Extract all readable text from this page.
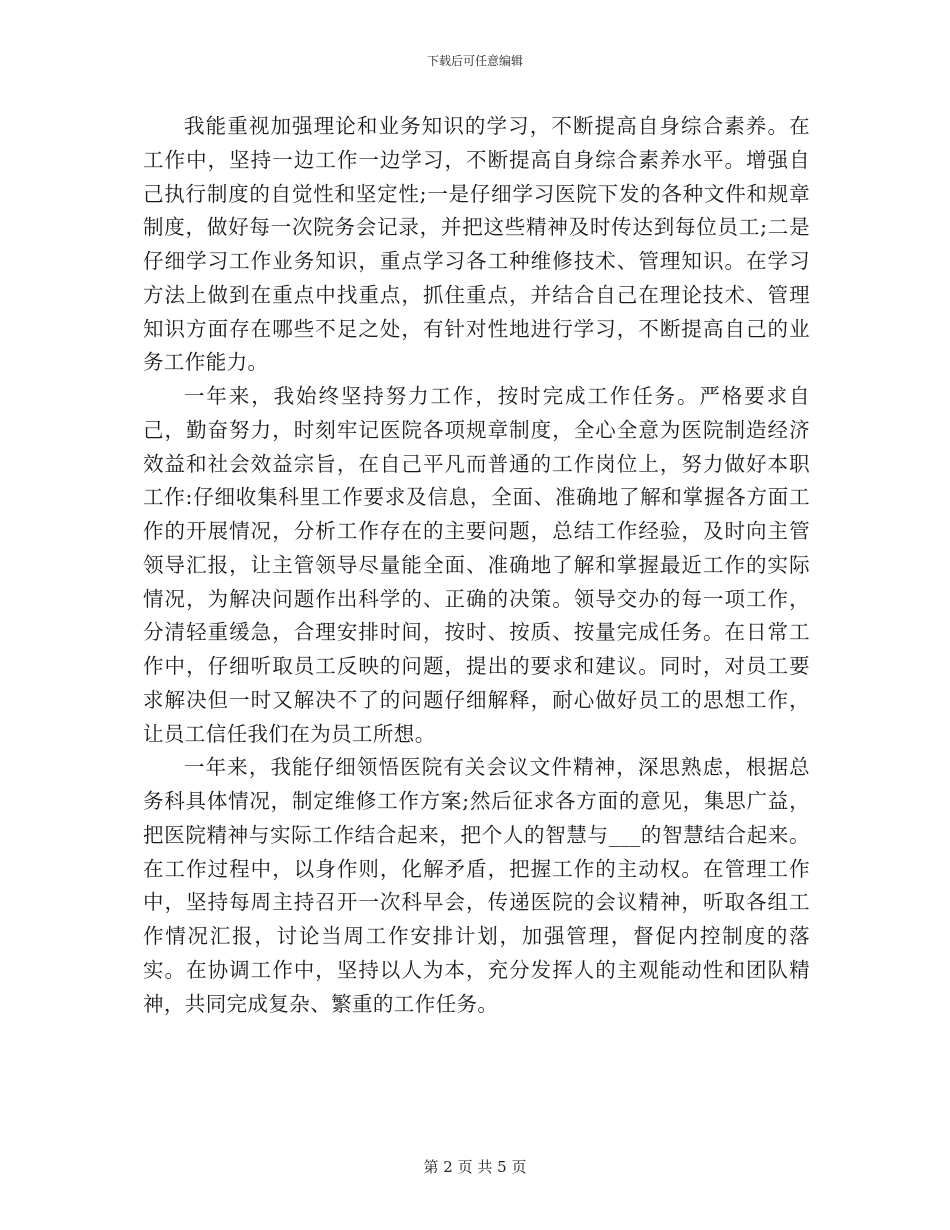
下载后可任意编辑

我能重视加强理论和业务知识的学习，不断提高自身综合素养。在工作中，坚持一边工作一边学习，不断提高自身综合素养水平。增强自己执行制度的自觉性和坚定性;一是仔细学习医院下发的各种文件和规章制度，做好每一次院务会记录，并把这些精神及时传达到每位员工;二是仔细学习工作业务知识，重点学习各工种维修技术、管理知识。在学习方法上做到在重点中找重点，抓住重点，并结合自己在理论技术、管理知识方面存在哪些不足之处，有针对性地进行学习，不断提高自己的业务工作能力。

一年来，我始终坚持努力工作，按时完成工作任务。严格要求自己，勤奋努力，时刻牢记医院各项规章制度，全心全意为医院制造经济效益和社会效益宗旨，在自己平凡而普通的工作岗位上，努力做好本职工作:仔细收集科里工作要求及信息，全面、准确地了解和掌握各方面工作的开展情况，分析工作存在的主要问题，总结工作经验，及时向主管领导汇报，让主管领导尽量能全面、准确地了解和掌握最近工作的实际情况，为解决问题作出科学的、正确的决策。领导交办的每一项工作，分清轻重缓急，合理安排时间，按时、按质、按量完成任务。在日常工作中，仔细听取员工反映的问题，提出的要求和建议。同时，对员工要求解决但一时又解决不了的问题仔细解释，耐心做好员工的思想工作，让员工信任我们在为员工所想。

一年来，我能仔细领悟医院有关会议文件精神，深思熟虑，根据总务科具体情况，制定维修工作方案;然后征求各方面的意见，集思广益，把医院精神与实际工作结合起来，把个人的智慧与___的智慧结合起来。在工作过程中，以身作则，化解矛盾，把握工作的主动权。在管理工作中，坚持每周主持召开一次科早会，传递医院的会议精神，听取各组工作情况汇报，讨论当周工作安排计划，加强管理，督促内控制度的落实。在协调工作中，坚持以人为本，充分发挥人的主观能动性和团队精神，共同完成复杂、繁重的工作任务。

第 2 页 共 5 页
